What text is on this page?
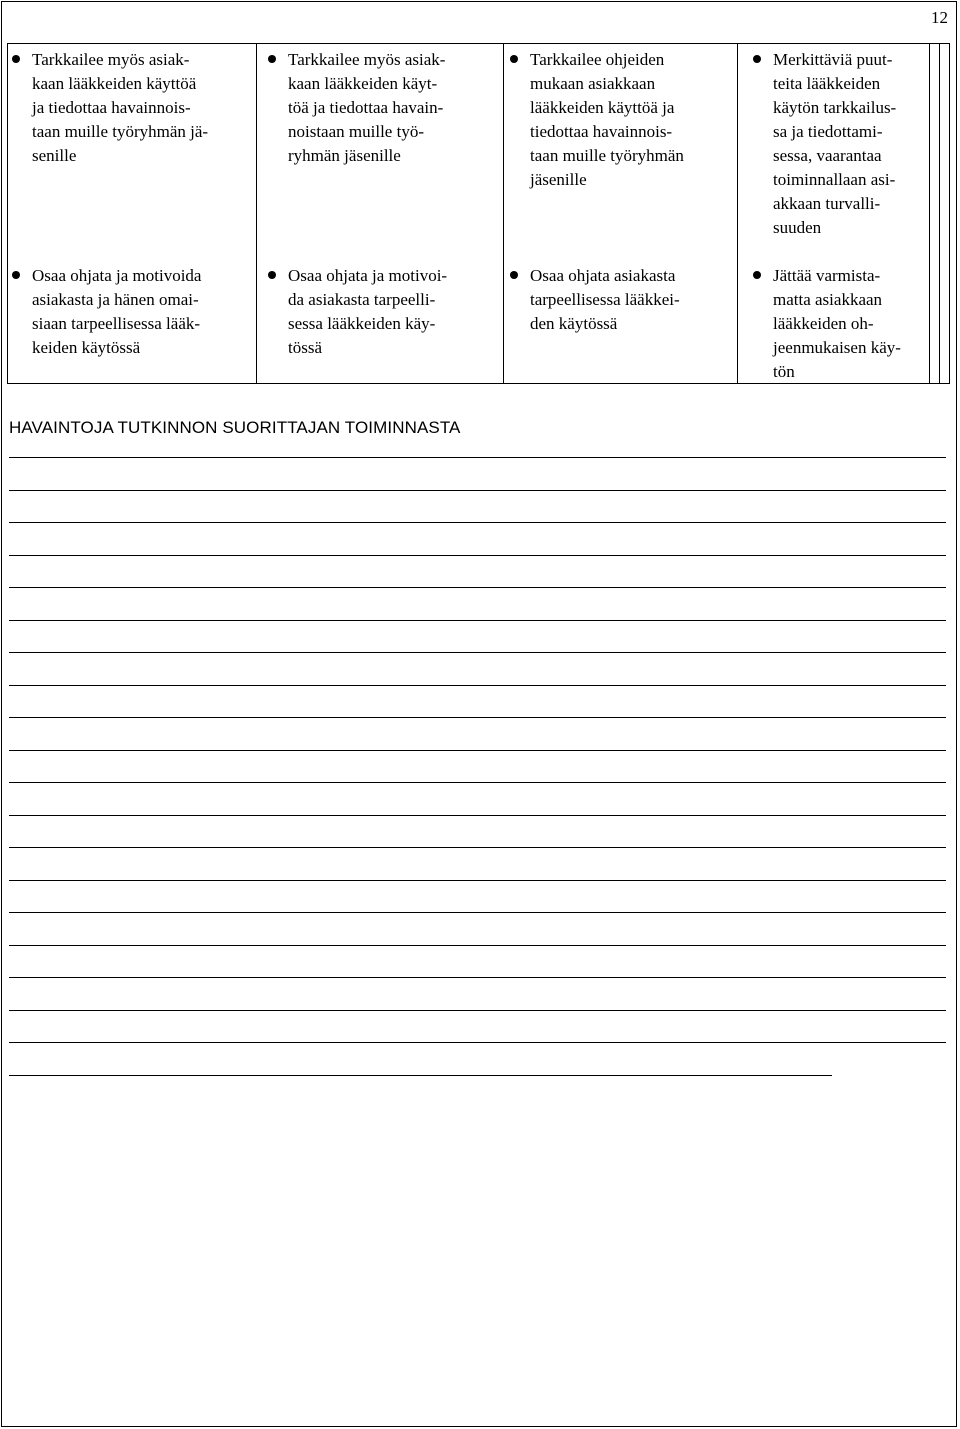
12
Tarkkailee myös asiak-
kaan lääkkeiden käyttöä
ja tiedottaa havainnois-
taan muille työryhmän jä-
senille
Tarkkailee myös asiak-
kaan lääkkeiden käyt-
töä ja tiedottaa havain-
noistaan muille työ-
ryhmän jäsenille
Tarkkailee ohjeiden
mukaan asiakkaan
lääkkeiden käyttöä ja
tiedottaa havainnois-
taan muille työryhmän
jäsenille
Merkittäviä puut-
teita lääkkeiden
käytön tarkkailus-
sa ja tiedottami-
sessa, vaarantaa
toiminnallaan asi-
akkaan turvalli-
suuden
Osaa ohjata ja motivoida
asiakasta ja hänen omai-
siaan tarpeellisessa lääk-
keiden käytössä
Osaa ohjata ja motivoi-
da asiakasta tarpeelli-
sessa lääkkeiden käy-
tössä
Osaa ohjata asiakasta
tarpeellisessa lääkkei-
den käytössä
Jättää varmista-
matta asiakkaan
lääkkeiden oh-
jeenmukaisen käy-
tön
HAVAINTOJA TUTKINNON SUORITTAJAN TOIMINNASTA
